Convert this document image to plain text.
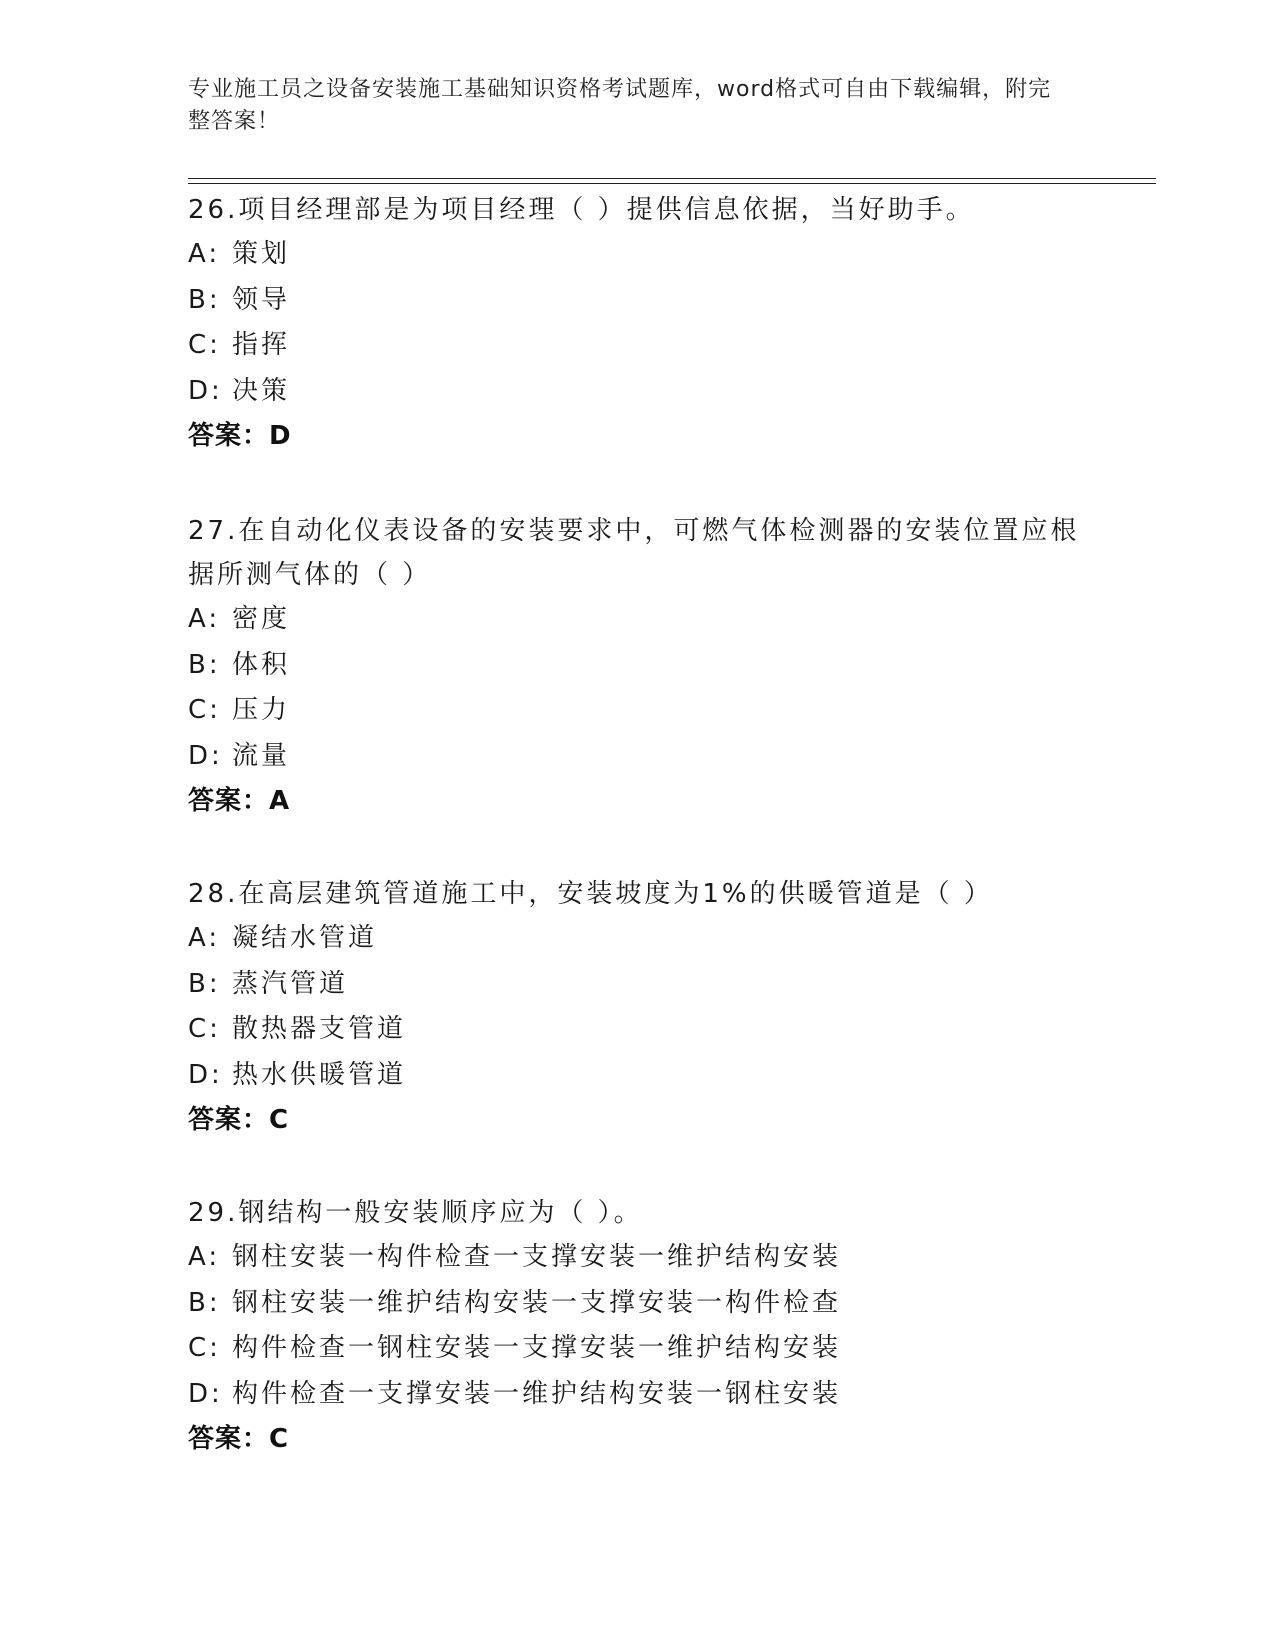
专业施工员之设备安装施工基础知识资格考试题库，word格式可自由下载编辑，附完整答案！

26.项目经理部是为项目经理（ ）提供信息依据，当好助手。

A: 策划

B: 领导

C: 指挥

D: 决策

答案：D

27.在自动化仪表设备的安装要求中，可燃气体检测器的安装位置应根据所测气体的（ ）

A: 密度

B: 体积

C: 压力

D: 流量

答案：A

28.在高层建筑管道施工中，安装坡度为1%的供暖管道是（ ）

A: 凝结水管道

B: 蒸汽管道

C: 散热器支管道

D: 热水供暖管道

答案：C

29.钢结构一般安装顺序应为（ ）。

A: 钢柱安装一构件检查一支撑安装一维护结构安装

B: 钢柱安装一维护结构安装一支撑安装一构件检查

C: 构件检查一钢柱安装一支撑安装一维护结构安装

D: 构件检查一支撑安装一维护结构安装一钢柱安装

答案：C
